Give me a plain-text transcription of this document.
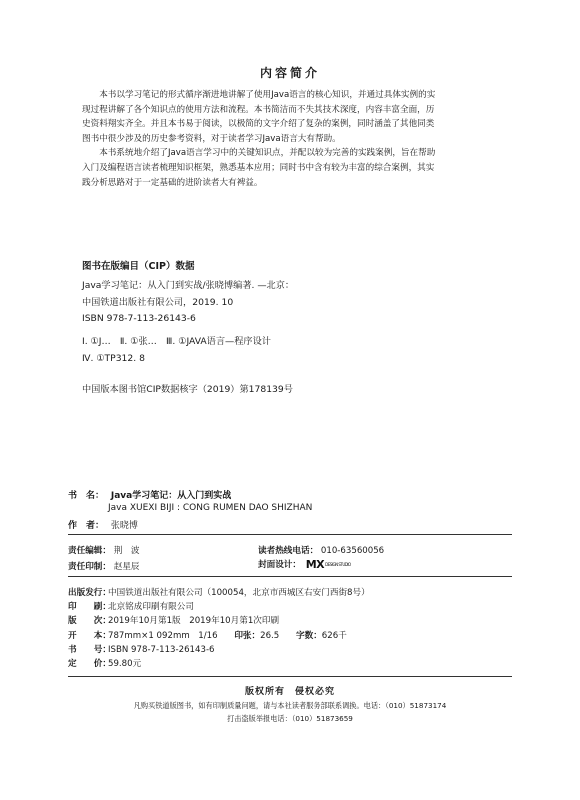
内容简介

本书以学习笔记的形式循序渐进地讲解了使用Java语言的核心知识，并通过具体实例的实
现过程讲解了各个知识点的使用方法和流程。本书简洁而不失其技术深度，内容丰富全面，历
史资料翔实齐全。并且本书易于阅读，以极简的文字介绍了复杂的案例，同时涵盖了其他同类
图书中很少涉及的历史参考资料，对于读者学习Java语言大有帮助。

本书系统地介绍了Java语言学习中的关键知识点，并配以较为完善的实践案例，旨在帮助
入门及编程语言读者梳理知识框架，熟悉基本应用；同时书中含有较为丰富的综合案例，其实
践分析思路对于一定基础的进阶读者大有裨益。

图书在版编目（CIP）数据
Java学习笔记：从入门到实战/张晓博编著. —北京：
中国铁道出版社有限公司，2019. 10
ISBN 978-7-113-26143-6
Ⅰ. ①J…　Ⅱ. ①张…　Ⅲ. ①JAVA语言—程序设计
Ⅳ. ①TP312. 8
中国版本图书馆CIP数据核字（2019）第178139号
书　名： Java学习笔记：从入门到实战
Java XUEXI BIJI : CONG RUMEN DAO SHIZHAN
作　者： 张晓博
责任编辑： 荆　波	读者热线电话： 010-63560056
责任印制： 赵星辰	封面设计： MXDESIGN STUDIO
出版发行：中国铁道出版社有限公司（100054，北京市西城区右安门西街8号）
印　　刷：北京铭成印刷有限公司
版　　次：2019年10月第1版　2019年10月第1次印刷
开　　本：787mm×1 092mm　1/16 印张：26.5 字数：626千
书　　号：ISBN 978-7-113-26143-6
定　　价：59.80元
版权所有　侵权必究
凡购买铁道版图书，如有印制质量问题，请与本社读者服务部联系调换。电话：（010）51873174
打击盗版举报电话：（010）51873659
